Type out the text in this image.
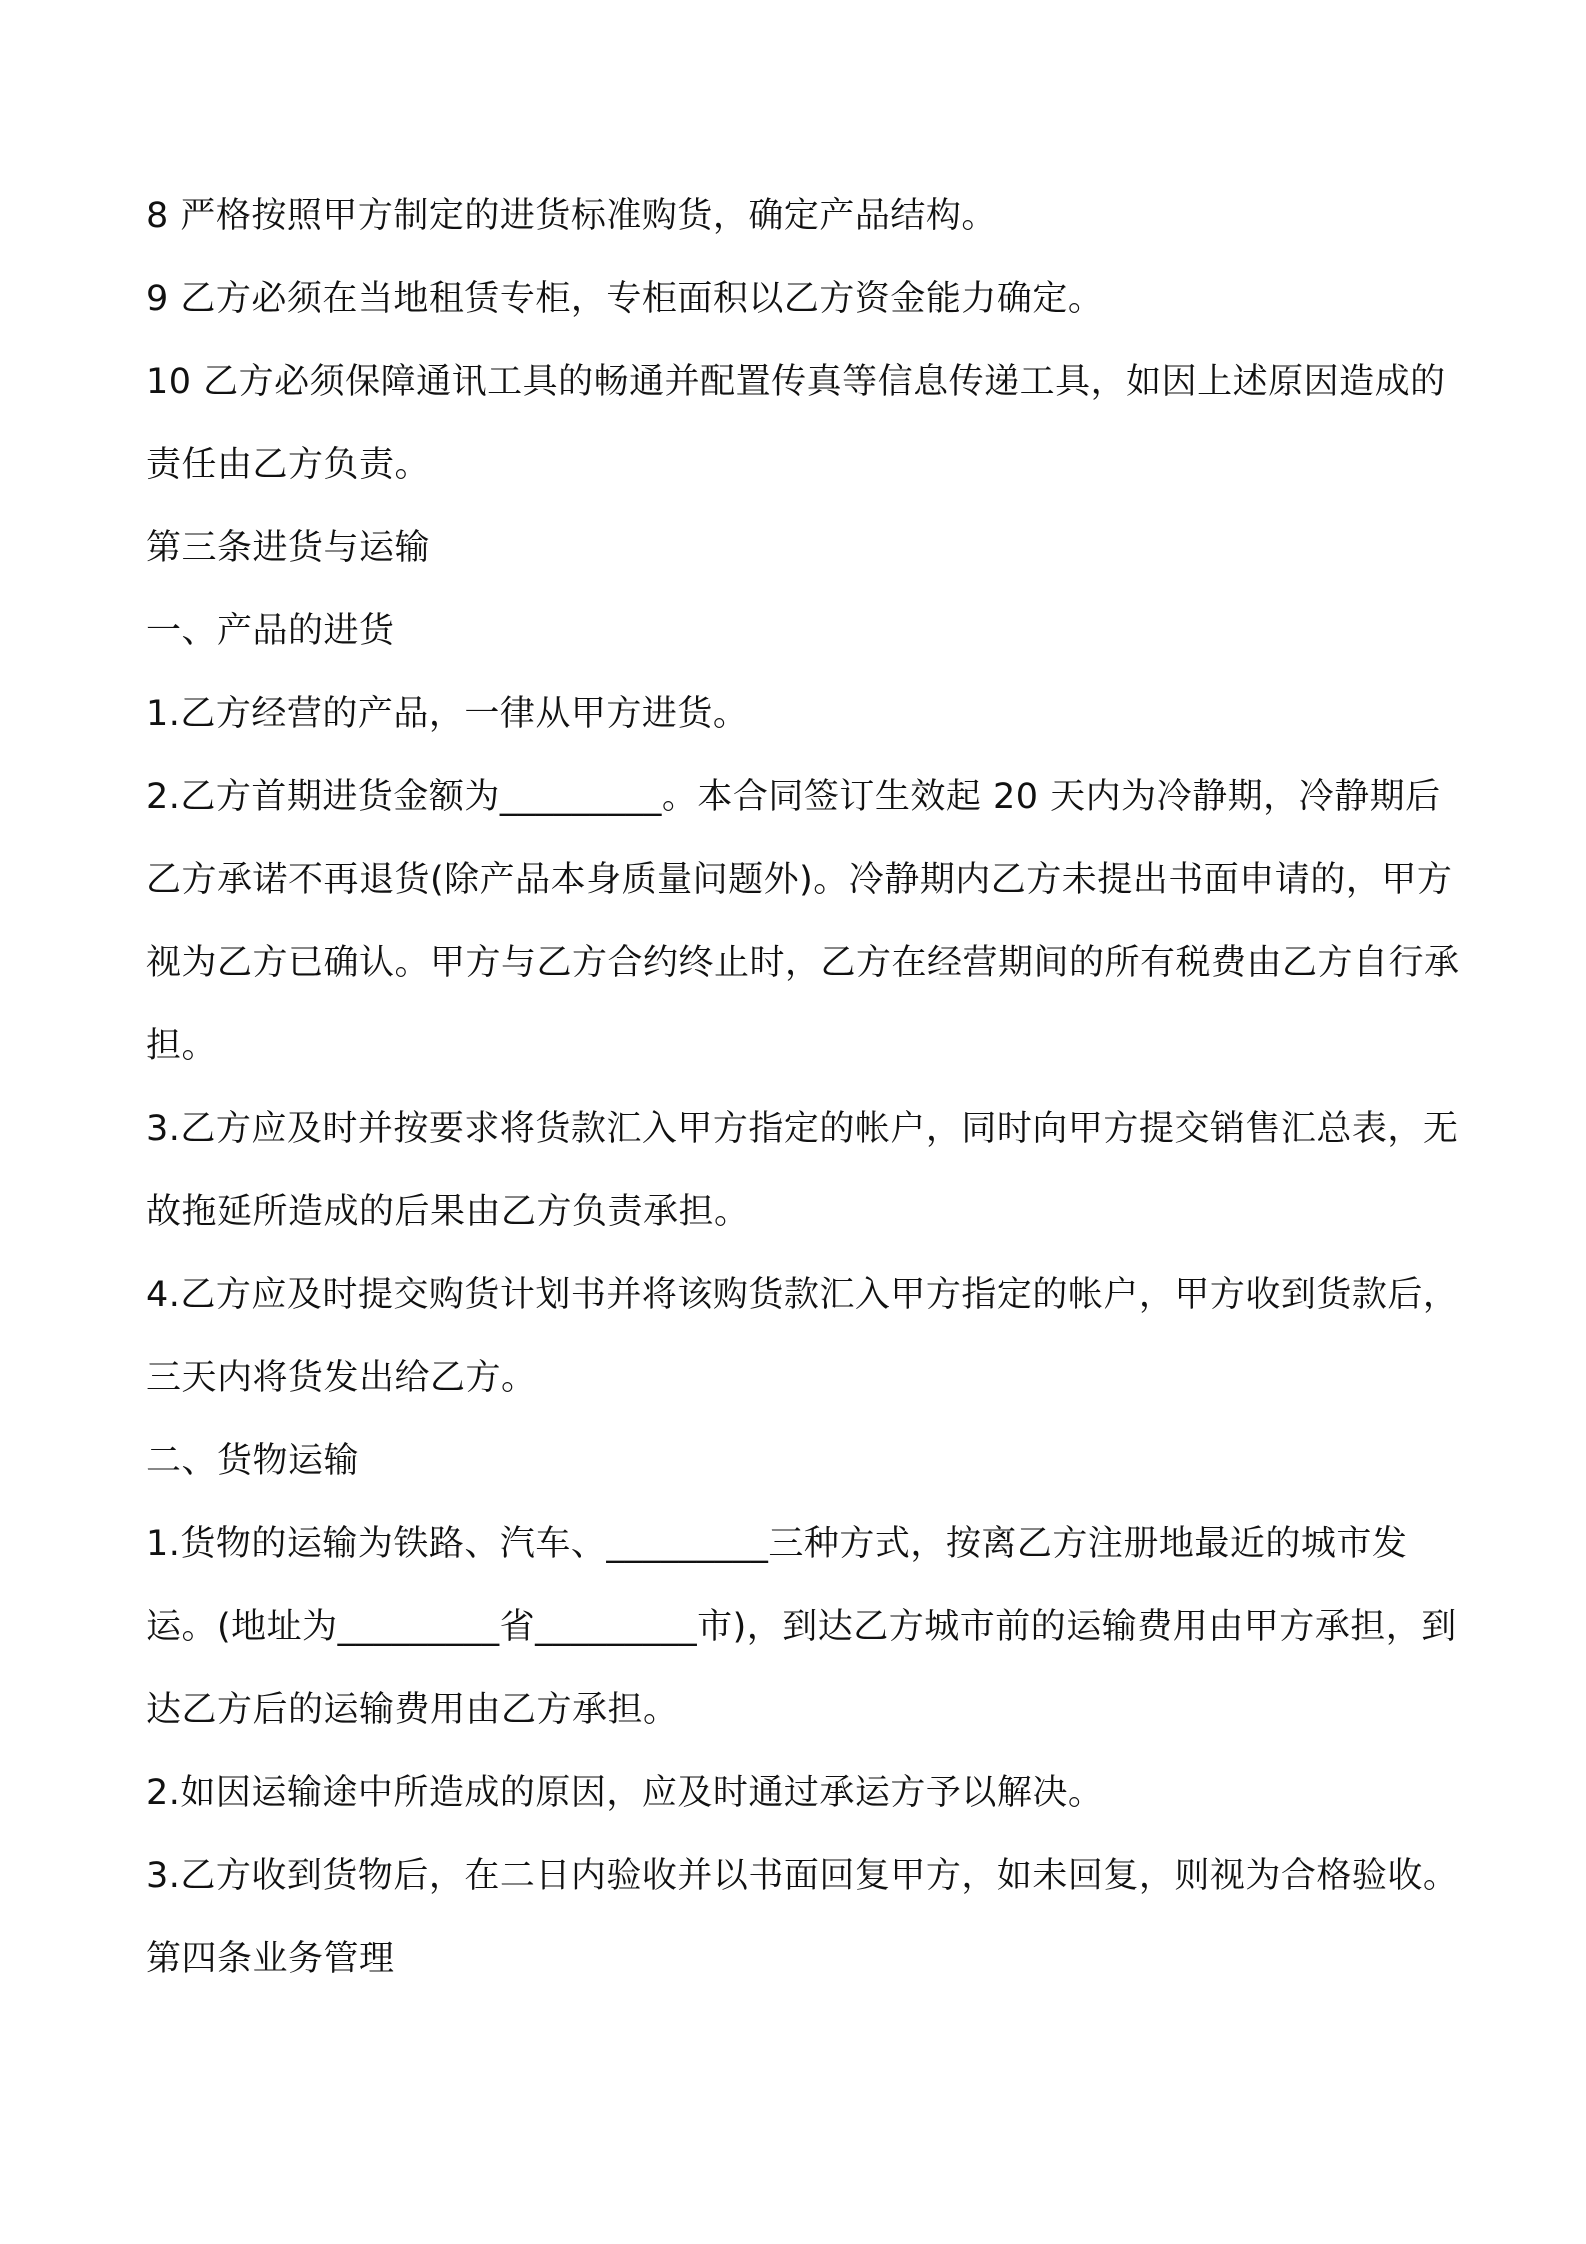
8 严格按照甲方制定的进货标准购货，确定产品结构。

9 乙方必须在当地租赁专柜，专柜面积以乙方资金能力确定。

10 乙方必须保障通讯工具的畅通并配置传真等信息传递工具，如因上述原因造成的责任由乙方负责。

第三条进货与运输

一、产品的进货

1.乙方经营的产品，一律从甲方进货。

2.乙方首期进货金额为_________。本合同签订生效起 20 天内为冷静期，冷静期后乙方承诺不再退货(除产品本身质量问题外)。冷静期内乙方未提出书面申请的，甲方视为乙方已确认。甲方与乙方合约终止时，乙方在经营期间的所有税费由乙方自行承担。

3.乙方应及时并按要求将货款汇入甲方指定的帐户，同时向甲方提交销售汇总表，无故拖延所造成的后果由乙方负责承担。

4.乙方应及时提交购货计划书并将该购货款汇入甲方指定的帐户，甲方收到货款后，三天内将货发出给乙方。

二、货物运输

1.货物的运输为铁路、汽车、_________三种方式，按离乙方注册地最近的城市发运。(地址为_________省_________市)，到达乙方城市前的运输费用由甲方承担，到达乙方后的运输费用由乙方承担。

2.如因运输途中所造成的原因，应及时通过承运方予以解决。

3.乙方收到货物后，在二日内验收并以书面回复甲方，如未回复，则视为合格验收。

第四条业务管理
